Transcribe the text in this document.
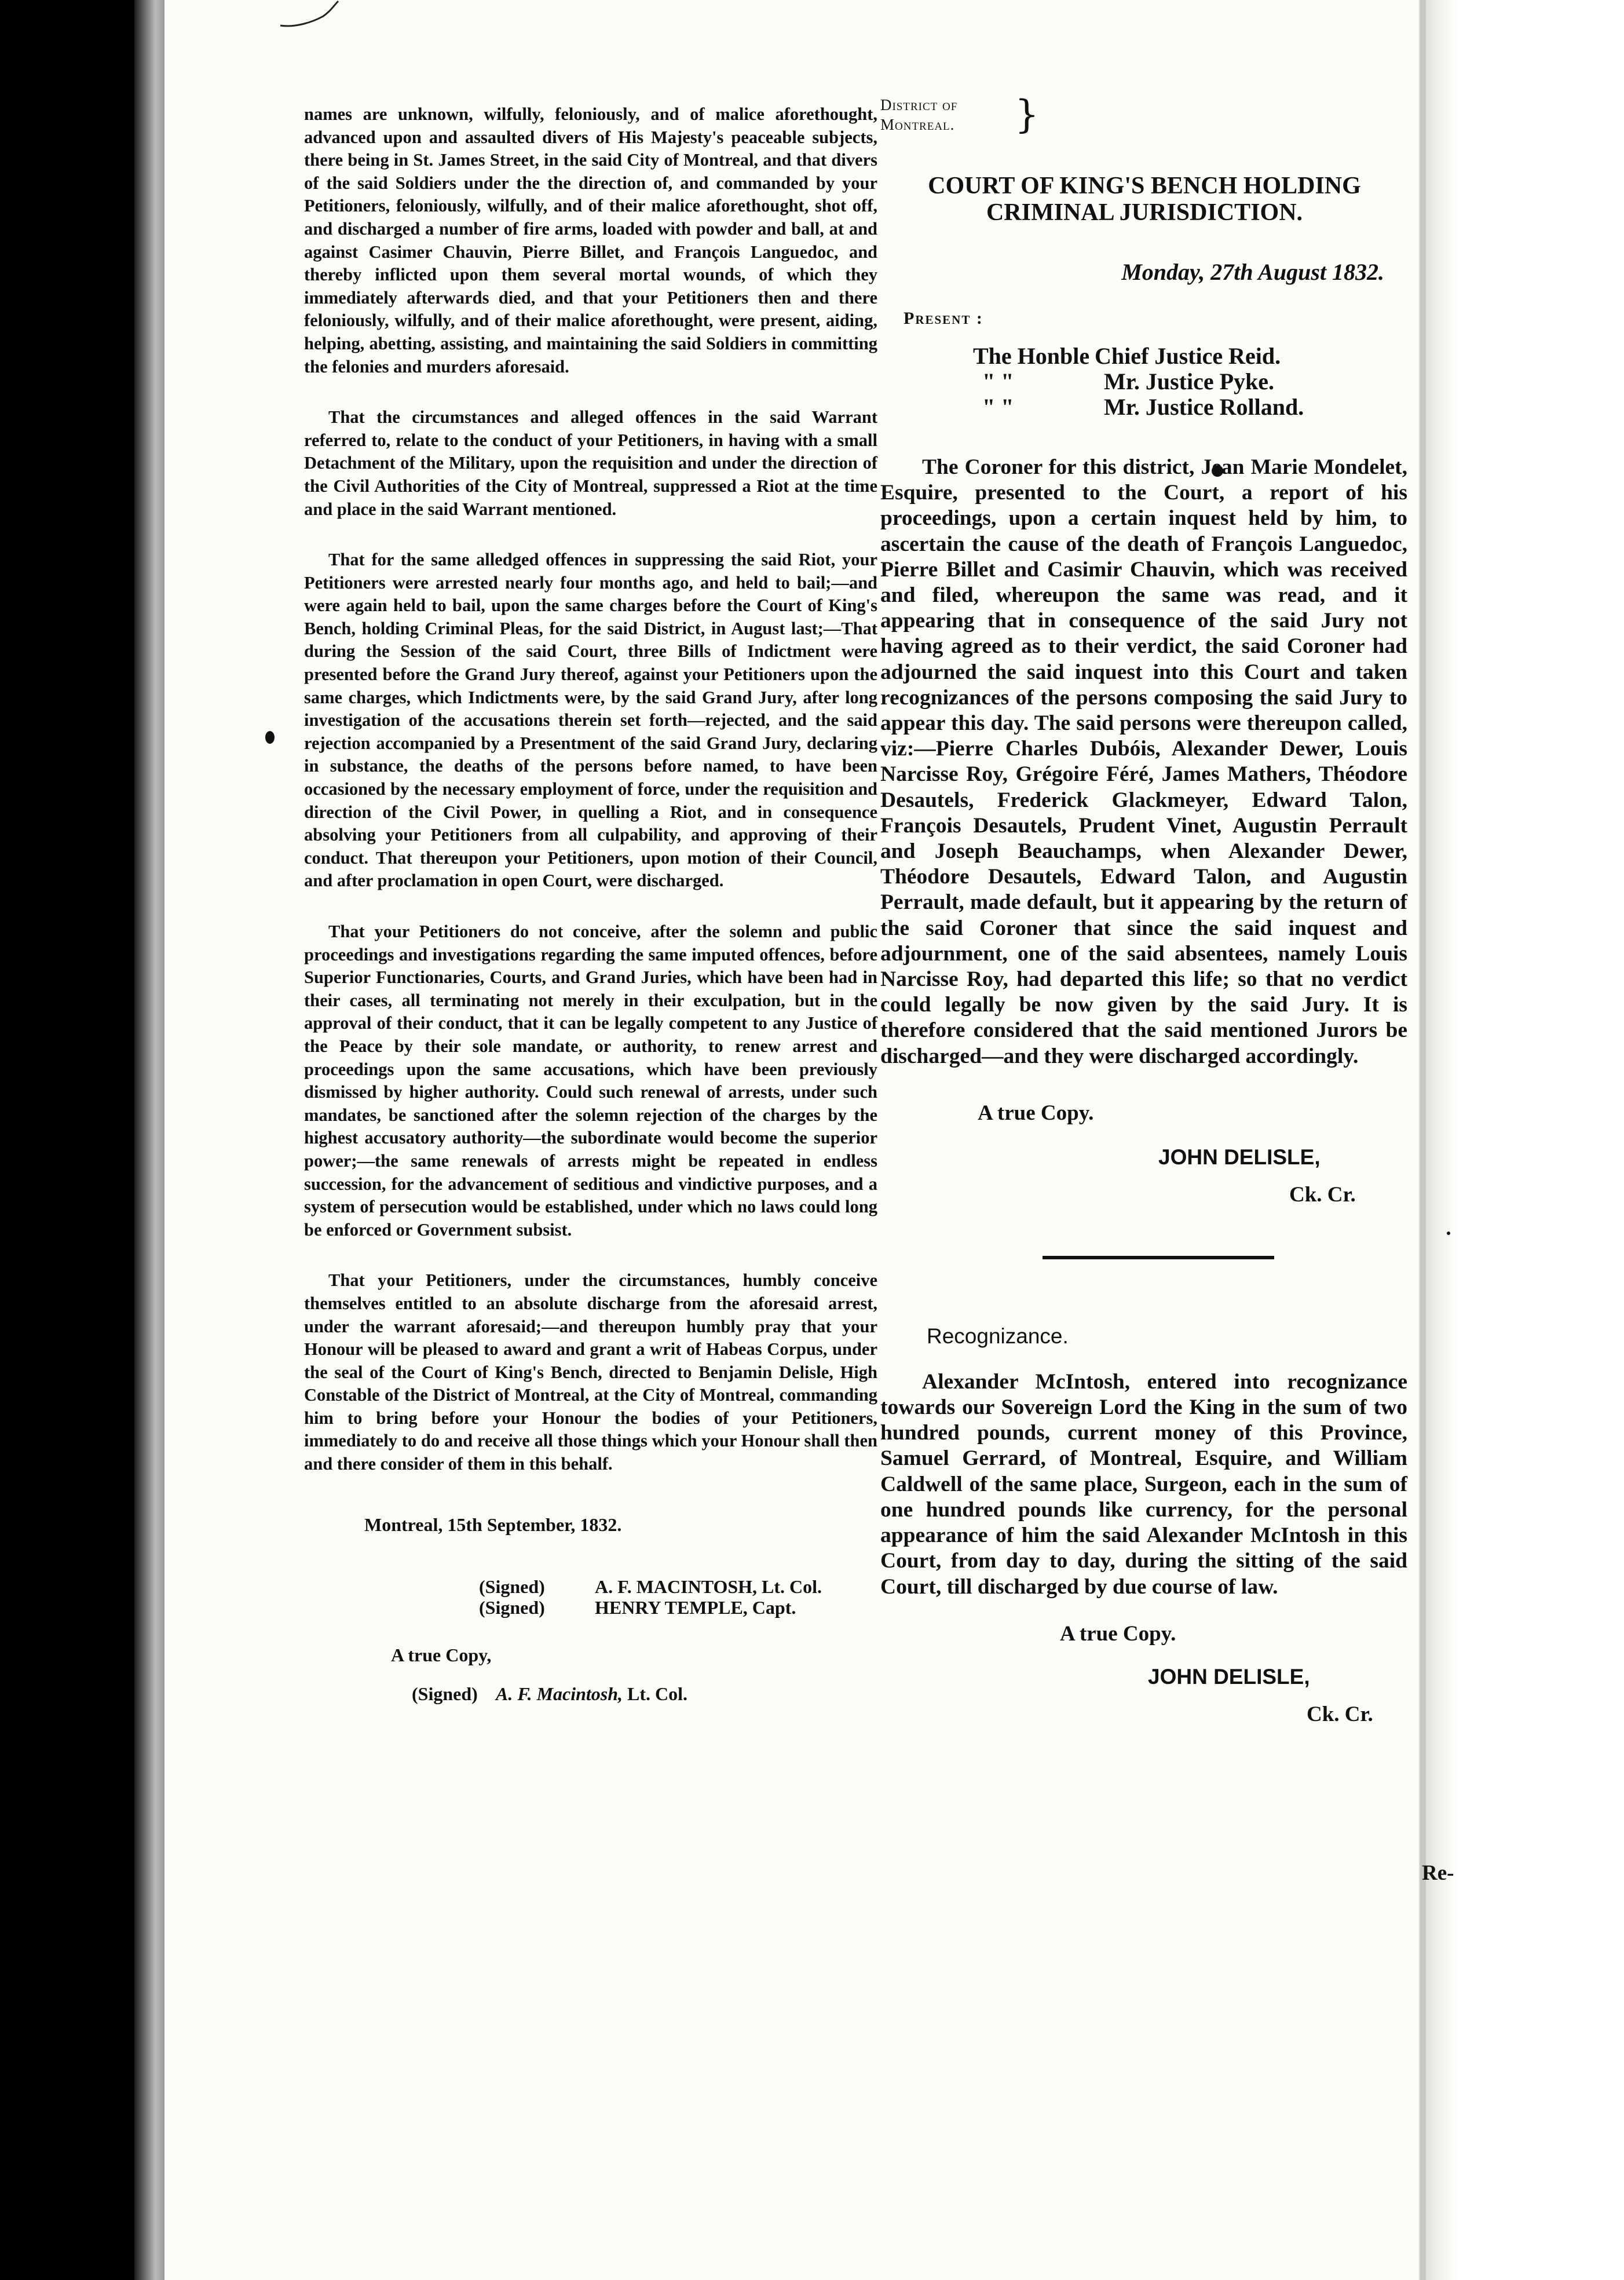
names are unknown, wilfully, feloniously, and of malice aforethought, advanced upon and assaulted divers of His Majesty's peaceable subjects, there being in St. James Street, in the said City of Montreal, and that divers of the said Soldiers under the the direction of, and commanded by your Petitioners, feloniously, wilfully, and of their malice aforethought, shot off, and discharged a number of fire arms, loaded with powder and ball, at and against Casimer Chauvin, Pierre Billet, and François Languedoc, and thereby inflicted upon them several mortal wounds, of which they immediately afterwards died, and that your Petitioners then and there feloniously, wilfully, and of their malice aforethought, were present, aiding, helping, abetting, assisting, and maintaining the said Soldiers in committing the felonies and murders aforesaid.

That the circumstances and alleged offences in the said Warrant referred to, relate to the conduct of your Petitioners, in having with a small Detachment of the Military, upon the requisition and under the direction of the Civil Authorities of the City of Montreal, suppressed a Riot at the time and place in the said Warrant mentioned.

That for the same alledged offences in suppressing the said Riot, your Petitioners were arrested nearly four months ago, and held to bail;—and were again held to bail, upon the same charges before the Court of King's Bench, holding Criminal Pleas, for the said District, in August last;—That during the Session of the said Court, three Bills of Indictment were presented before the Grand Jury thereof, against your Petitioners upon the same charges, which Indictments were, by the said Grand Jury, after long investigation of the accusations therein set forth—rejected, and the said rejection accompanied by a Presentment of the said Grand Jury, declaring in substance, the deaths of the persons before named, to have been occasioned by the necessary employment of force, under the requisition and direction of the Civil Power, in quelling a Riot, and in consequence absolving your Petitioners from all culpability, and approving of their conduct. That thereupon your Petitioners, upon motion of their Council, and after proclamation in open Court, were discharged.

That your Petitioners do not conceive, after the solemn and public proceedings and investigations regarding the same imputed offences, before Superior Functionaries, Courts, and Grand Juries, which have been had in their cases, all terminating not merely in their exculpation, but in the approval of their conduct, that it can be legally competent to any Justice of the Peace by their sole mandate, or authority, to renew arrest and proceedings upon the same accusations, which have been previously dismissed by higher authority. Could such renewal of arrests, under such mandates, be sanctioned after the solemn rejection of the charges by the highest accusatory authority—the subordinate would become the superior power;—the same renewals of arrests might be repeated in endless succession, for the advancement of seditious and vindictive purposes, and a system of persecution would be established, under which no laws could long be enforced or Government subsist.

That your Petitioners, under the circumstances, humbly conceive themselves entitled to an absolute discharge from the aforesaid arrest, under the warrant aforesaid;—and thereupon humbly pray that your Honour will be pleased to award and grant a writ of Habeas Corpus, under the seal of the Court of King's Bench, directed to Benjamin Delisle, High Constable of the District of Montreal, at the City of Montreal, commanding him to bring before your Honour the bodies of your Petitioners, immediately to do and receive all those things which your Honour shall then and there consider of them in this behalf.

Montreal, 15th September, 1832.
(Signed)	A. F. MACINTOSH, Lt. Col.
(Signed)	HENRY TEMPLE, Capt.
A true Copy,
(Signed) A. F. Macintosh,
Lt. Col.
District of
Montreal.	}
COURT OF KING'S BENCH HOLDING
CRIMINAL JURISDICTION.
Monday, 27th August 1832.
Present :
The Honble Chief Justice Reid.
" "	Mr. Justice Pyke.
" "	Mr. Justice Rolland.

The Coroner for this district, Jean Marie Mondelet, Esquire, presented to the Court, a report of his proceedings, upon a certain inquest held by him, to ascertain the cause of the death of François Languedoc, Pierre Billet and Casimir Chauvin, which was received and filed, whereupon the same was read, and it appearing that in consequence of the said Jury not having agreed as to their verdict, the said Coroner had adjourned the said inquest into this Court and taken recognizances of the persons composing the said Jury to appear this day. The said persons were thereupon called, viz:—Pierre Charles Dubóis, Alexander Dewer, Louis Narcisse Roy, Grégoire Féré, James Mathers, Théodore Desautels, Frederick Glackmeyer, Edward Talon, François Desautels, Prudent Vinet, Augustin Perrault and Joseph Beauchamps, when Alexander Dewer, Théodore Desautels, Edward Talon, and Augustin Perrault, made default, but it appearing by the return of the said Coroner that since the said inquest and adjournment, one of the said absentees, namely Louis Narcisse Roy, had departed this life; so that no verdict could legally be now given by the said Jury. It is therefore considered that the said mentioned Jurors be discharged—and they were discharged accordingly.

A true Copy.
JOHN DELISLE,
Ck. Cr.
Recognizance.

Alexander McIntosh, entered into recognizance towards our Sovereign Lord the King in the sum of two hundred pounds, current money of this Province, Samuel Gerrard, of Montreal, Esquire, and William Caldwell of the same place, Surgeon, each in the sum of one hundred pounds like currency, for the personal appearance of him the said Alexander McIntosh in this Court, from day to day, during the sitting of the said Court, till discharged by due course of law.

A true Copy.
JOHN DELISLE,
Ck. Cr.
Re-
